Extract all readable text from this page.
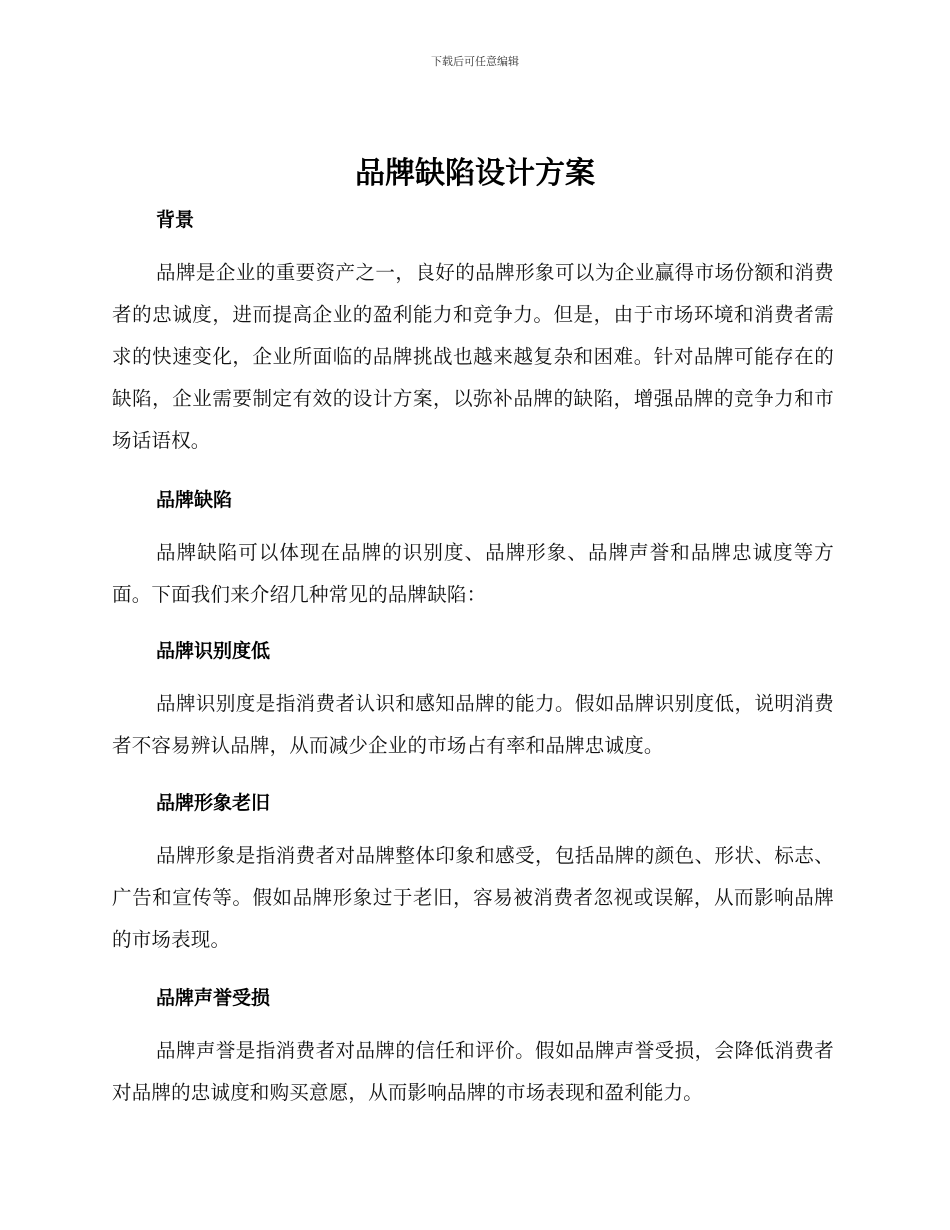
下载后可任意编辑
品牌缺陷设计方案
背景

品牌是企业的重要资产之一，良好的品牌形象可以为企业赢得市场份额和消费者的忠诚度，进而提高企业的盈利能力和竞争力。但是，由于市场环境和消费者需求的快速变化，企业所面临的品牌挑战也越来越复杂和困难。针对品牌可能存在的缺陷，企业需要制定有效的设计方案，以弥补品牌的缺陷，增强品牌的竞争力和市场话语权。

品牌缺陷

品牌缺陷可以体现在品牌的识别度、品牌形象、品牌声誉和品牌忠诚度等方面。下面我们来介绍几种常见的品牌缺陷：

品牌识别度低

品牌识别度是指消费者认识和感知品牌的能力。假如品牌识别度低，说明消费者不容易辨认品牌，从而减少企业的市场占有率和品牌忠诚度。

品牌形象老旧

品牌形象是指消费者对品牌整体印象和感受，包括品牌的颜色、形状、标志、广告和宣传等。假如品牌形象过于老旧，容易被消费者忽视或误解，从而影响品牌的市场表现。

品牌声誉受损

品牌声誉是指消费者对品牌的信任和评价。假如品牌声誉受损，会降低消费者对品牌的忠诚度和购买意愿，从而影响品牌的市场表现和盈利能力。
